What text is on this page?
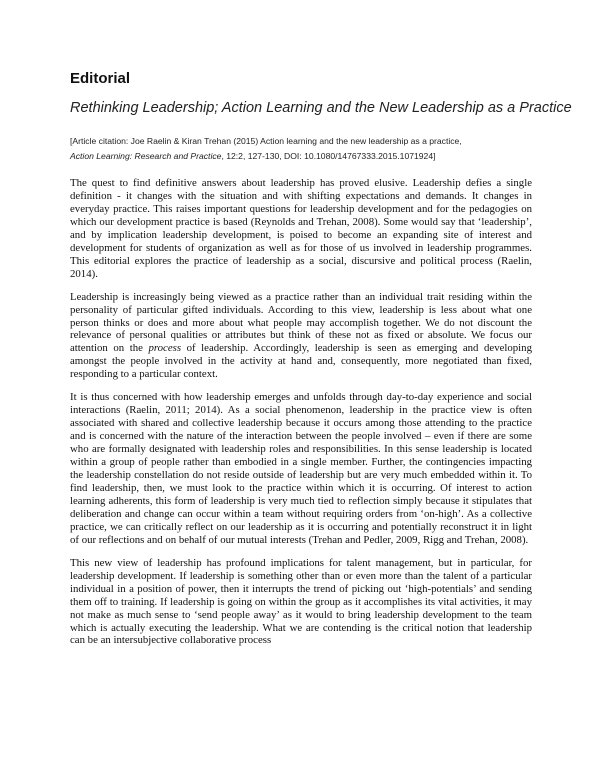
Editorial
Rethinking Leadership; Action Learning and the New Leadership as a Practice
[Article citation: Joe Raelin & Kiran Trehan (2015) Action learning and the new leadership as a practice,
Action Learning: Research and Practice, 12:2, 127-130, DOI: 10.1080/14767333.2015.1071924]

The quest to find definitive answers about leadership has proved elusive. Leadership defies a single definition - it changes with the situation and with shifting expectations and demands. It changes in everyday practice. This raises important questions for leadership development and for the pedagogies on which our development practice is based (Reynolds and Trehan, 2008). Some would say that ‘leadership’, and by implication leadership development, is poised to become an expanding site of interest and development for students of organization as well as for those of us involved in leadership programmes. This editorial explores the practice of leadership as a social, discursive and political process (Raelin, 2014).

Leadership is increasingly being viewed as a practice rather than an individual trait residing within the personality of particular gifted individuals. According to this view, leadership is less about what one person thinks or does and more about what people may accomplish together. We do not discount the relevance of personal qualities or attributes but think of these not as fixed or absolute. We focus our attention on the process of leadership. Accordingly, leadership is seen as emerging and developing amongst the people involved in the activity at hand and, consequently, more negotiated than fixed, responding to a particular context.

It is thus concerned with how leadership emerges and unfolds through day-to-day experience and social interactions (Raelin, 2011; 2014). As a social phenomenon, leadership in the practice view is often associated with shared and collective leadership because it occurs among those attending to the practice and is concerned with the nature of the interaction between the people involved – even if there are some who are formally designated with leadership roles and responsibilities. In this sense leadership is located within a group of people rather than embodied in a single member. Further, the contingencies impacting the leadership constellation do not reside outside of leadership but are very much embedded within it. To find leadership, then, we must look to the practice within which it is occurring. Of interest to action learning adherents, this form of leadership is very much tied to reflection simply because it stipulates that deliberation and change can occur within a team without requiring orders from ‘on-high’. As a collective practice, we can critically reflect on our leadership as it is occurring and potentially reconstruct it in light of our reflections and on behalf of our mutual interests (Trehan and Pedler, 2009, Rigg and Trehan, 2008).

This new view of leadership has profound implications for talent management, but in particular, for leadership development. If leadership is something other than or even more than the talent of a particular individual in a position of power, then it interrupts the trend of picking out ‘high-potentials’ and sending them off to training. If leadership is going on within the group as it accomplishes its vital activities, it may not make as much sense to ‘send people away’ as it would to bring leadership development to the team which is actually executing the leadership. What we are contending is the critical notion that leadership can be an intersubjective collaborative process
